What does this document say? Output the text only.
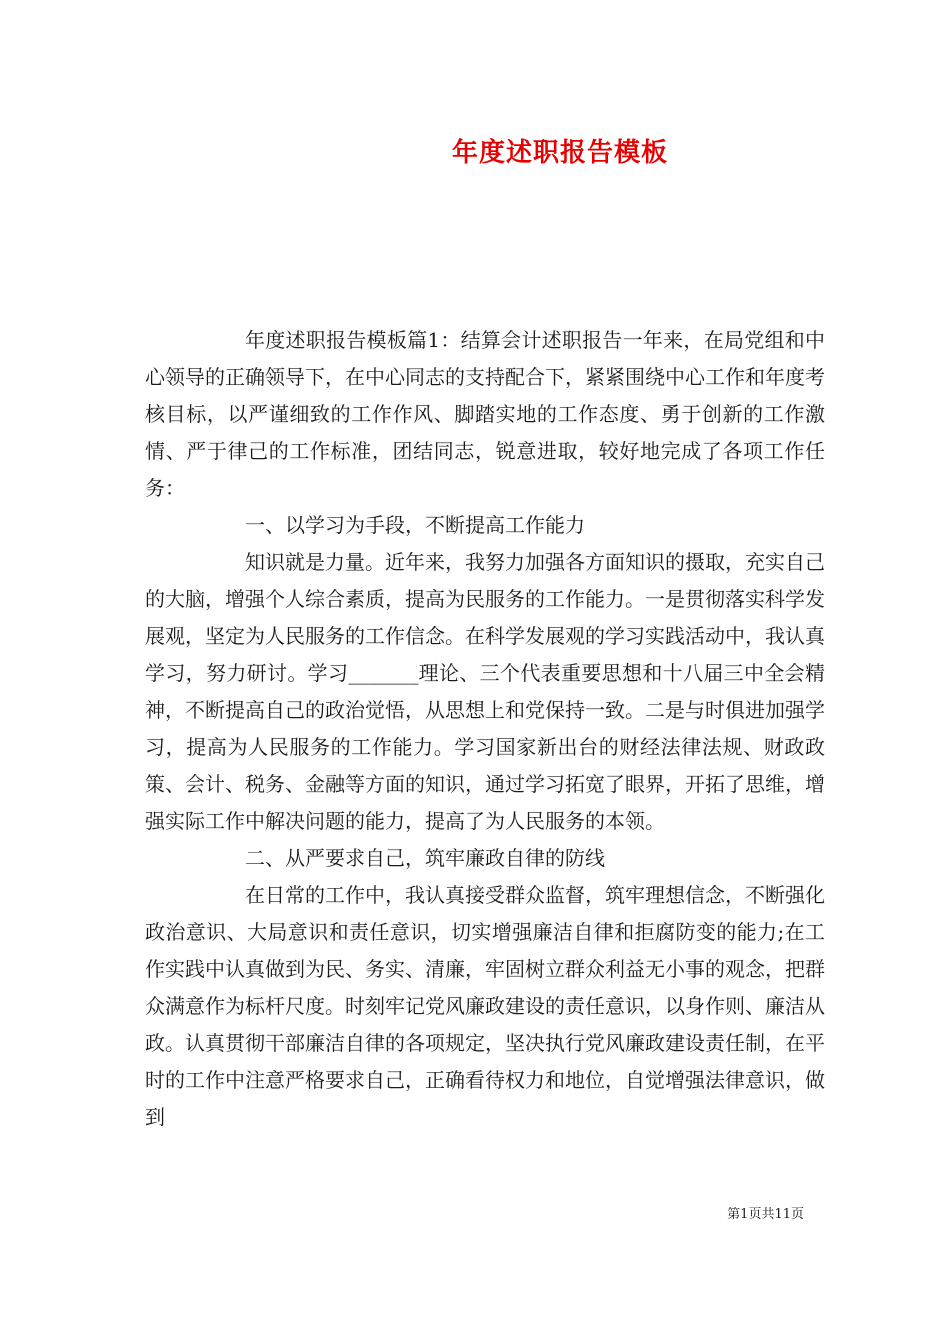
年度述职报告模板

年度述职报告模板篇1：结算会计述职报告一年来，在局党组和中心领导的正确领导下，在中心同志的支持配合下，紧紧围绕中心工作和年度考核目标，以严谨细致的工作作风、脚踏实地的工作态度、勇于创新的工作激情、严于律己的工作标准，团结同志，锐意进取，较好地完成了各项工作任务：

一、以学习为手段，不断提高工作能力

知识就是力量。近年来，我努力加强各方面知识的摄取，充实自己的大脑，增强个人综合素质，提高为民服务的工作能力。一是贯彻落实科学发展观，坚定为人民服务的工作信念。在科学发展观的学习实践活动中，我认真学习，努力研讨。学习_______理论、三个代表重要思想和十八届三中全会精神，不断提高自己的政治觉悟，从思想上和党保持一致。二是与时俱进加强学习，提高为人民服务的工作能力。学习国家新出台的财经法律法规、财政政策、会计、税务、金融等方面的知识，通过学习拓宽了眼界，开拓了思维，增强实际工作中解决问题的能力，提高了为人民服务的本领。

二、从严要求自己，筑牢廉政自律的防线

在日常的工作中，我认真接受群众监督，筑牢理想信念，不断强化政治意识、大局意识和责任意识，切实增强廉洁自律和拒腐防变的能力;在工作实践中认真做到为民、务实、清廉，牢固树立群众利益无小事的观念，把群众满意作为标杆尺度。时刻牢记党风廉政建设的责任意识，以身作则、廉洁从政。认真贯彻干部廉洁自律的各项规定，坚决执行党风廉政建设责任制，在平时的工作中注意严格要求自己，正确看待权力和地位，自觉增强法律意识，做到

第1页共11页
